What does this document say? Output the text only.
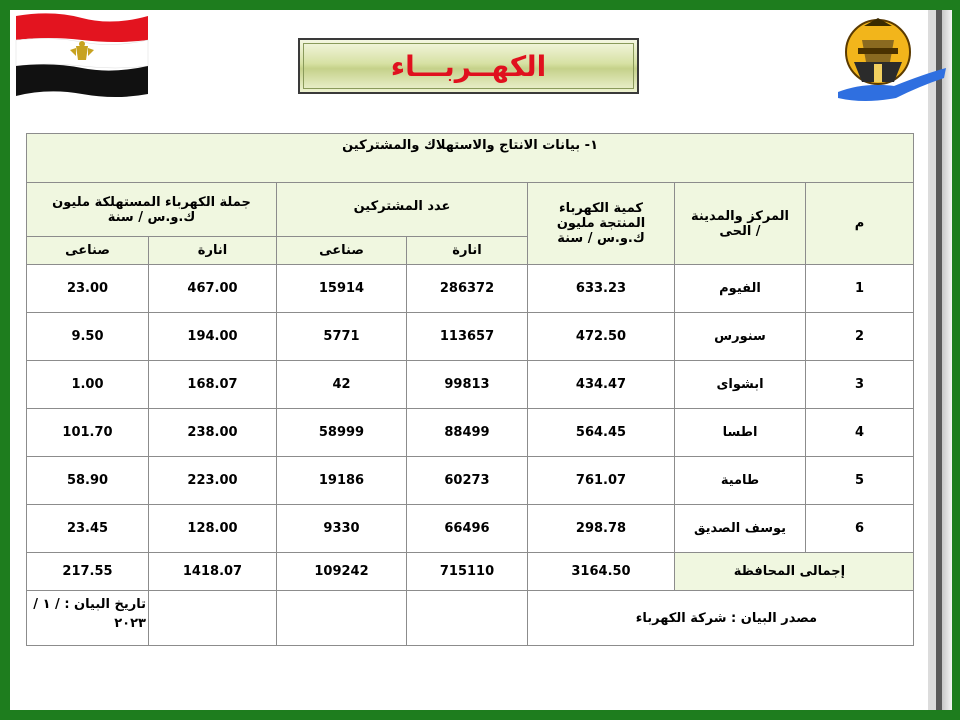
الكهــربـــاء
١- بيانات الانتاج والاستهلاك والمشتركين						
جملة الكهرباء المستهلكة مليون ك.و.س / سنة		عدد المشتركين		كمية الكهرباء المنتجة مليون ك.و.س / سنة	المركز والمدينة / الحى	م
صناعى	انارة	صناعى	انارة			
23.00	467.00	15914	286372	633.23	الفيوم	1
9.50	194.00	5771	113657	472.50	سنورس	2
1.00	168.07	42	99813	434.47	ابشواى	3
101.70	238.00	58999	88499	564.45	اطسا	4
58.90	223.00	19186	60273	761.07	طامية	5
23.45	128.00	9330	66496	298.78	يوسف الصديق	6
217.55	1418.07	109242	715110	3164.50	إجمالى المحافظة	
تاريخ البيان : / ١ /٢٠٢٣				مصدر البيان : شركة الكهرباء		
